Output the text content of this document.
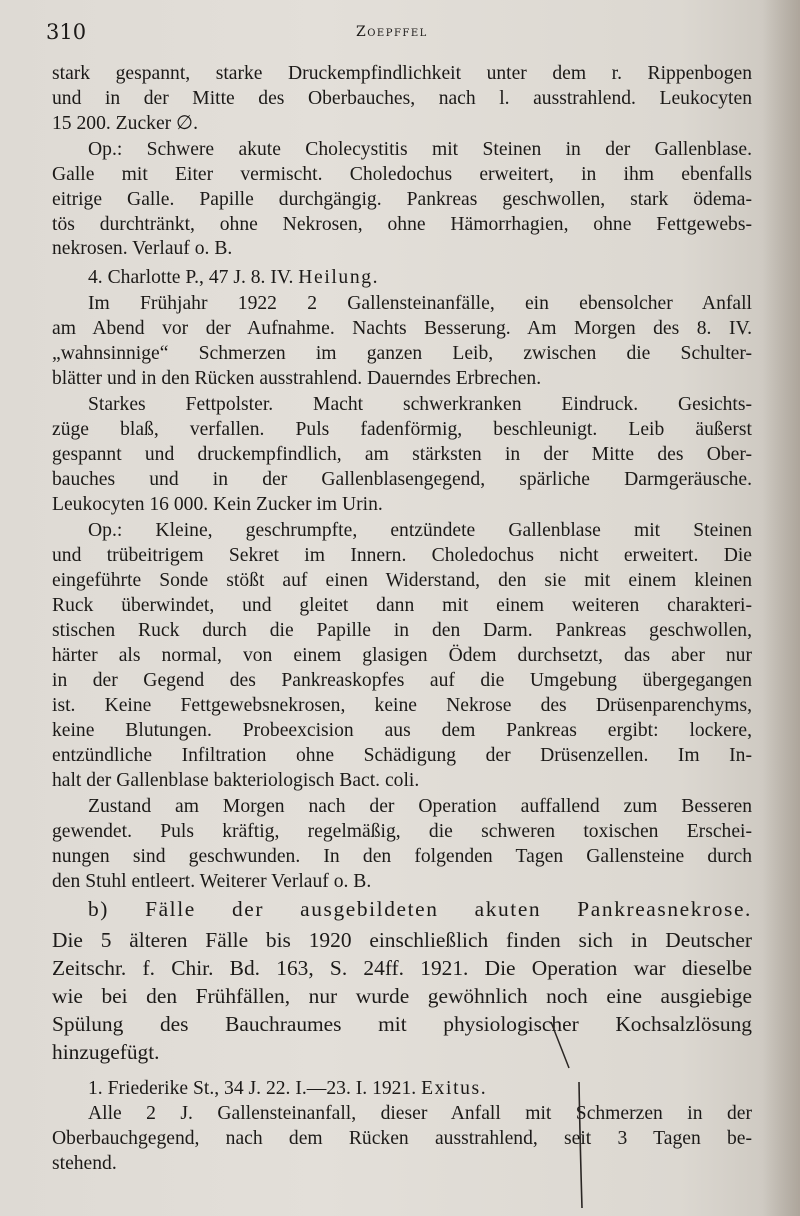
310	Zoepffel
stark gespannt, starke Druckempfindlichkeit unter dem r. Rippenbogen
und in der Mitte des Oberbauches, nach l. ausstrahlend. Leukocyten
15 200. Zucker ∅.
Op.: Schwere akute Cholecystitis mit Steinen in der Gallenblase.
Galle mit Eiter vermischt. Choledochus erweitert, in ihm ebenfalls
eitrige Galle. Papille durchgängig. Pankreas geschwollen, stark ödema-
tös durchtränkt, ohne Nekrosen, ohne Hämorrhagien, ohne Fettgewebs-
nekrosen. Verlauf o. B.
4. Charlotte P., 47 J. 8. IV. Heilung.
Im Frühjahr 1922 2 Gallensteinanfälle, ein ebensolcher Anfall
am Abend vor der Aufnahme. Nachts Besserung. Am Morgen des 8. IV.
„wahnsinnige“ Schmerzen im ganzen Leib, zwischen die Schulter-
blätter und in den Rücken ausstrahlend. Dauerndes Erbrechen.
Starkes Fettpolster. Macht schwerkranken Eindruck. Gesichts-
züge blaß, verfallen. Puls fadenförmig, beschleunigt. Leib äußerst
gespannt und druckempfindlich, am stärksten in der Mitte des Ober-
bauches und in der Gallenblasengegend, spärliche Darmgeräusche.
Leukocyten 16 000. Kein Zucker im Urin.
Op.: Kleine, geschrumpfte, entzündete Gallenblase mit Steinen
und trübeitrigem Sekret im Innern. Choledochus nicht erweitert. Die
eingeführte Sonde stößt auf einen Widerstand, den sie mit einem kleinen
Ruck überwindet, und gleitet dann mit einem weiteren charakteri-
stischen Ruck durch die Papille in den Darm. Pankreas geschwollen,
härter als normal, von einem glasigen Ödem durchsetzt, das aber nur
in der Gegend des Pankreaskopfes auf die Umgebung übergegangen
ist. Keine Fettgewebsnekrosen, keine Nekrose des Drüsenparenchyms,
keine Blutungen. Probeexcision aus dem Pankreas ergibt: lockere,
entzündliche Infiltration ohne Schädigung der Drüsenzellen. Im In-
halt der Gallenblase bakteriologisch Bact. coli.
Zustand am Morgen nach der Operation auffallend zum Besseren
gewendet. Puls kräftig, regelmäßig, die schweren toxischen Erschei-
nungen sind geschwunden. In den folgenden Tagen Gallensteine durch
den Stuhl entleert. Weiterer Verlauf o. B.
b) Fälle der ausgebildeten akuten Pankreasnekrose.
Die 5 älteren Fälle bis 1920 einschließlich finden sich in Deutscher
Zeitschr. f. Chir. Bd. 163, S. 24ff. 1921. Die Operation war dieselbe
wie bei den Frühfällen, nur wurde gewöhnlich noch eine ausgiebige
Spülung des Bauchraumes mit physiologischer Kochsalzlösung
hinzugefügt.
1. Friederike St., 34 J. 22. I.—23. I. 1921. Exitus.
Alle 2 J. Gallensteinanfall, dieser Anfall mit Schmerzen in der
Oberbauchgegend, nach dem Rücken ausstrahlend, seit 3 Tagen be-
stehend.
